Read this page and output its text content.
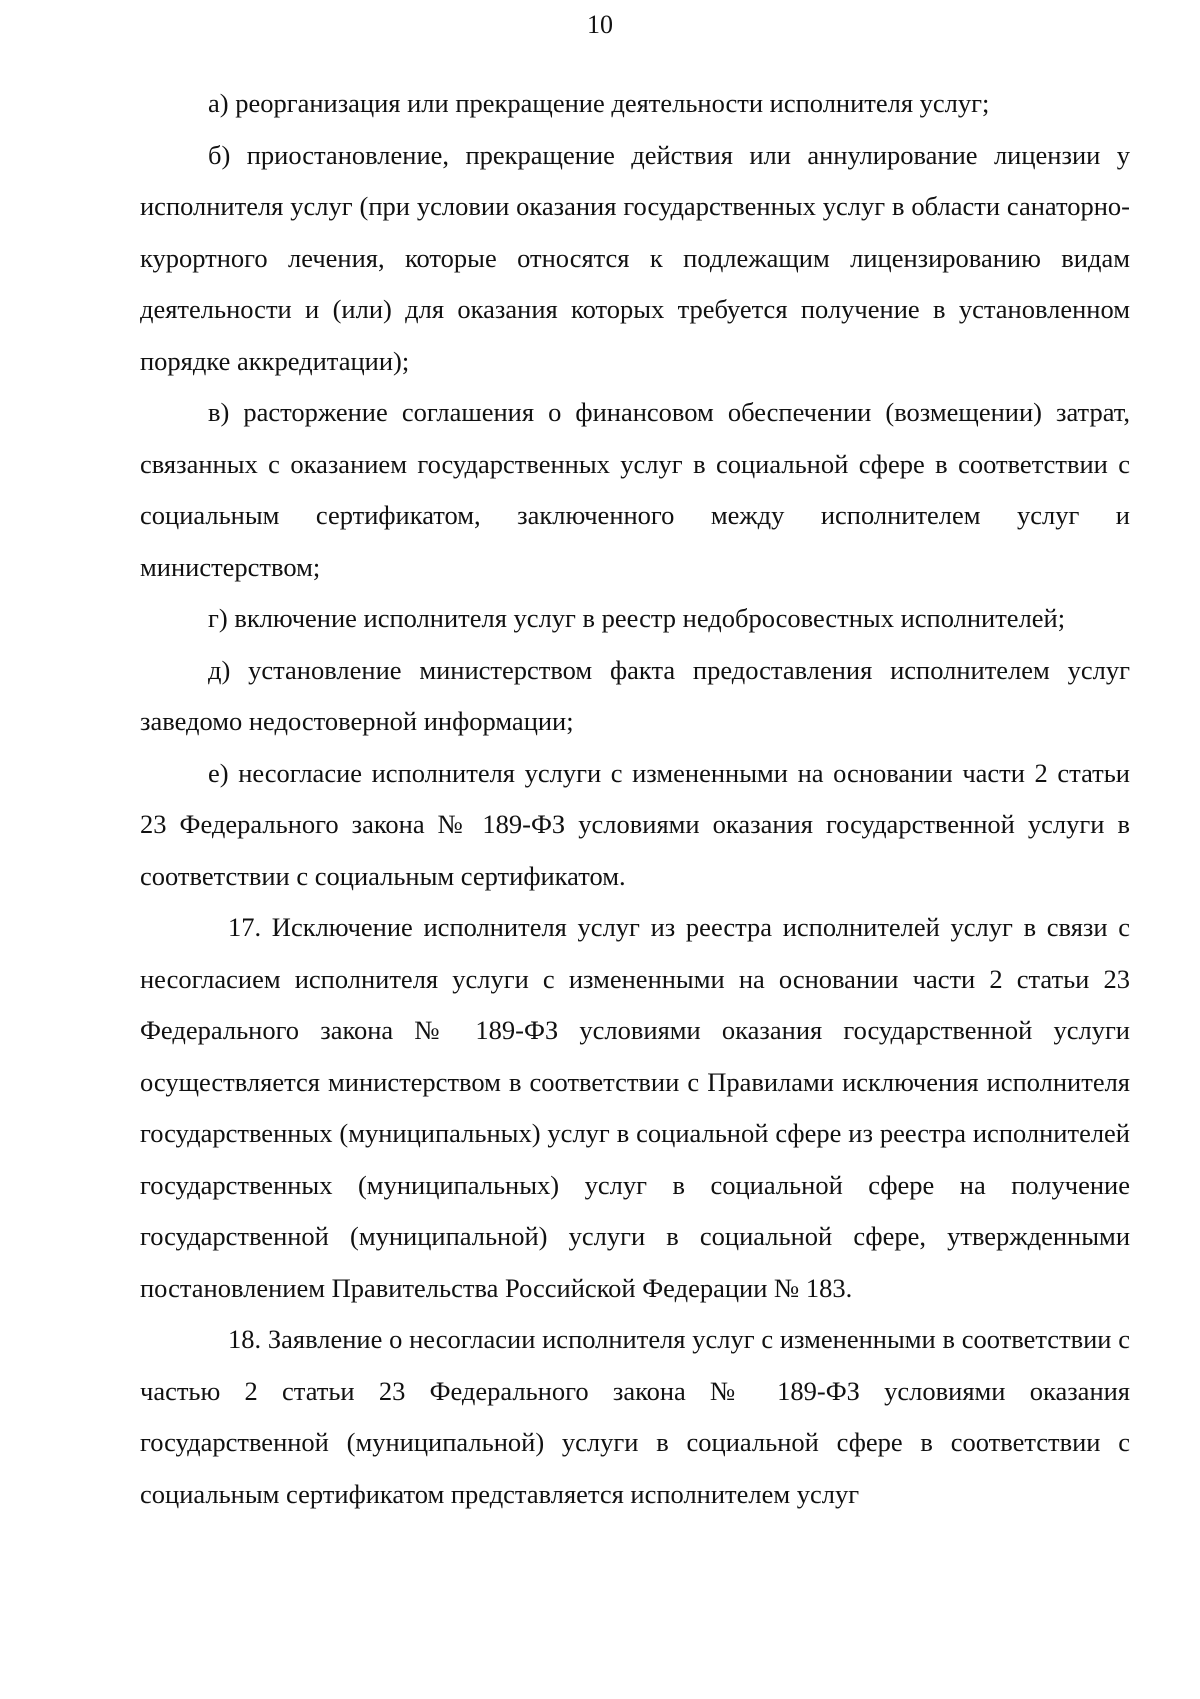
10

а) реорганизация или прекращение деятельности исполнителя услуг;

б) приостановление, прекращение действия или аннулирование лицензии у исполнителя услуг (при условии оказания государственных услуг в области санаторно-курортного лечения, которые относятся к подлежащим лицензированию видам деятельности и (или) для оказания которых требуется получение в установленном порядке аккредитации);

в) расторжение соглашения о финансовом обеспечении (возмещении) затрат, связанных с оказанием государственных услуг в социальной сфере в соответствии с социальным сертификатом, заключенного между исполнителем услуг и министерством;

г) включение исполнителя услуг в реестр недобросовестных исполнителей;

д) установление министерством факта предоставления исполнителем услуг заведомо недостоверной информации;

е) несогласие исполнителя услуги с измененными на основании части 2 статьи 23 Федерального закона № 189-ФЗ условиями оказания государственной услуги в соответствии с социальным сертификатом.

17. Исключение исполнителя услуг из реестра исполнителей услуг в связи с несогласием исполнителя услуги с измененными на основании части 2 статьи 23 Федерального закона № 189-ФЗ условиями оказания государственной услуги осуществляется министерством в соответствии с Правилами исключения исполнителя государственных (муниципальных) услуг в социальной сфере из реестра исполнителей государственных (муниципальных) услуг в социальной сфере на получение государственной (муниципальной) услуги в социальной сфере, утвержденными постановлением Правительства Российской Федерации № 183.

18. Заявление о несогласии исполнителя услуг с измененными в соответствии с частью 2 статьи 23 Федерального закона № 189-ФЗ условиями оказания государственной (муниципальной) услуги в социальной сфере в соответствии с социальным сертификатом представляется исполнителем услуг
